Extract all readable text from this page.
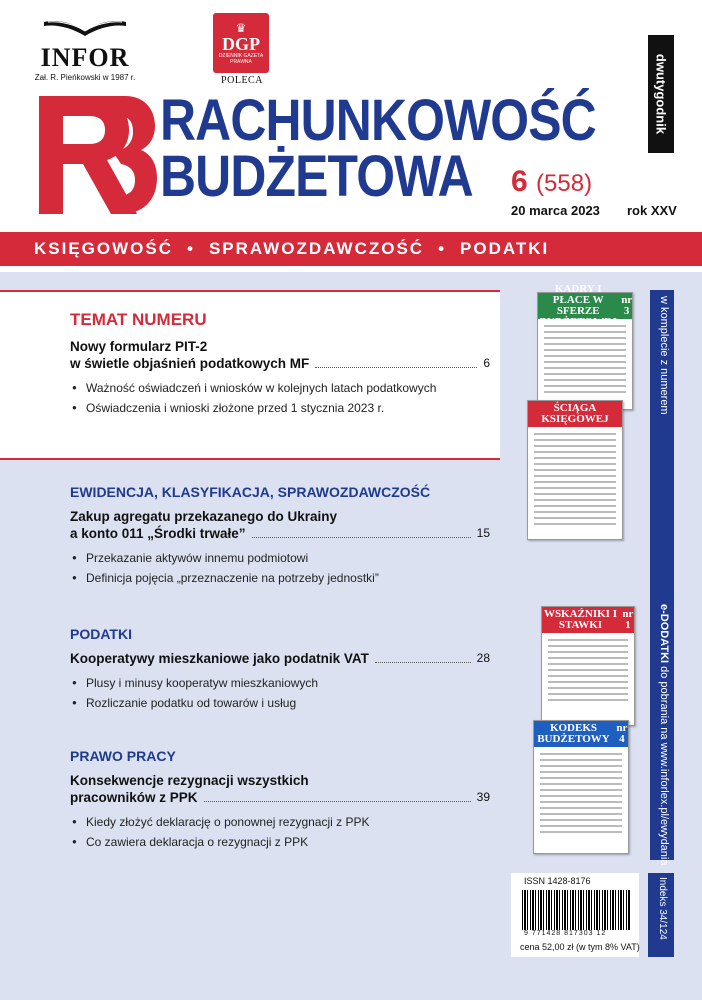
INFOR
Zał. R. Pieńkowski w 1987 r.
♛
DGP
DZIENNIK GAZETA PRAWNA
POLECA
RACHUNKOWOŚĆ
BUDŻETOWA	6 (558)
20 marca 2023 rok XXV
dwutygodnik
KSIĘGOWOŚĆ • SPRAWOZDAWCZOŚĆ • PODATKI
TEMAT NUMERU
Nowy formularz PIT-2
w świetle objaśnień podatkowych MF	6
● Ważność oświadczeń i wniosków w kolejnych latach podatkowych
● Oświadczenia i wnioski złożone przed 1 stycznia 2023 r.
EWIDENCJA, KLASYFIKACJA, SPRAWOZDAWCZOŚĆ
Zakup agregatu przekazanego do Ukrainy
a konto 011 „Środki trwałe”	15
● Przekazanie aktywów innemu podmiotowi
● Definicja pojęcia „przeznaczenie na potrzeby jednostki”
PODATKI
Kooperatywy mieszkaniowe jako podatnik VAT	28
● Plusy i minusy kooperatyw mieszkaniowych
● Rozliczanie podatku od towarów i usług
PRAWO PRACY
Konsekwencje rezygnacji wszystkich
pracowników z PPK	39
● Kiedy złożyć deklarację o ponownej rezygnacji z PPK
● Co zawiera deklaracja o rezygnacji z PPK
w komplecie z numerem
e-DODATKI do pobrania na www.inforlex.pl/ewydania
KADRY I PŁACE W SFERZE BUDŻETOWEJ

nr 3
ŚCIĄGA KSIĘGOWEJ
WSKAŹNIKI I STAWKI

nr 1
KODEKS BUDŻETOWY

nr 4
ISSN 1428-8176
9 771428 817303 12
cena 52,00 zł (w tym 8% VAT)
Indeks 34/124
